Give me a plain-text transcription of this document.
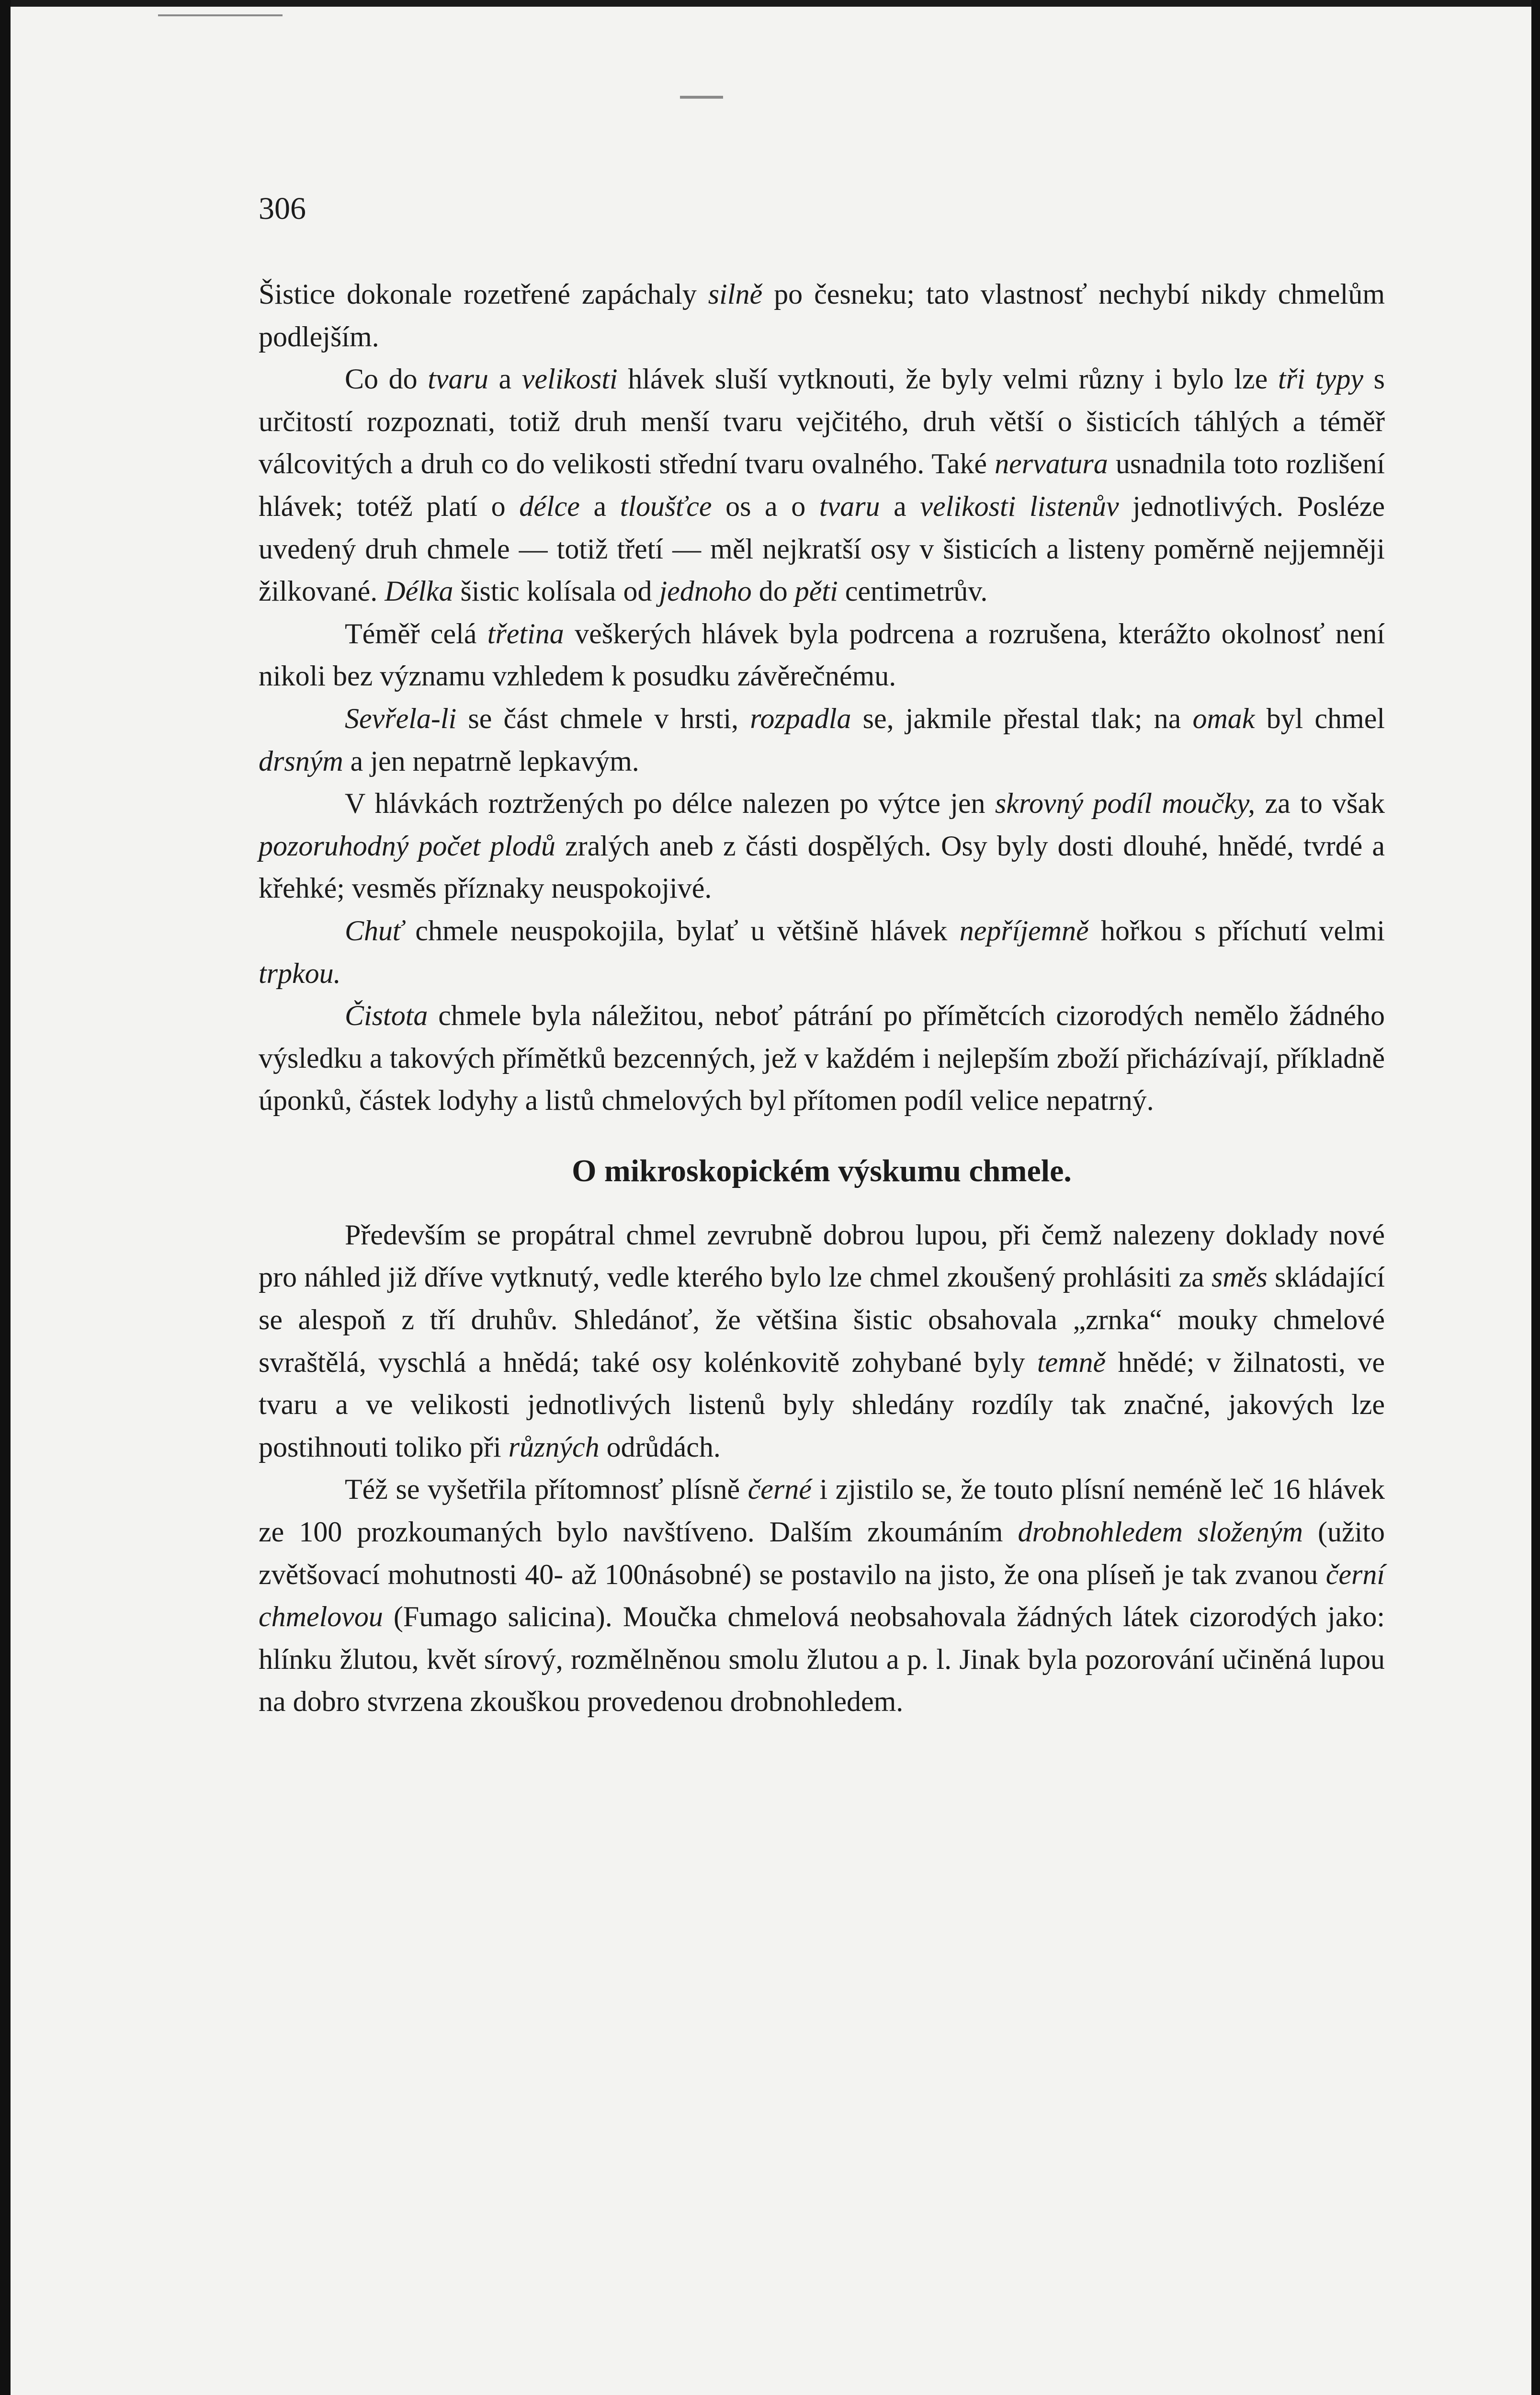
306

Šistice dokonale rozetřené zapáchaly silně po česneku; tato vlastnosť nechybí nikdy chmelům podlejším.

Co do tvaru a velikosti hlávek sluší vytknouti, že byly velmi různy i bylo lze tři typy s určitostí rozpoznati, totiž druh menší tvaru vejčitého, druh větší o šisticích táhlých a téměř válcovitých a druh co do velikosti střední tvaru ovalného. Také nervatura usnadnila toto rozlišení hlávek; totéž platí o délce a tloušťce os a o tvaru a velikosti listenův jednotlivých. Posléze uvedený druh chmele — totiž třetí — měl nejkratší osy v šisticích a listeny poměrně nejjemněji žilkované. Délka šistic kolísala od jednoho do pěti centimetrův.

Téměř celá třetina veškerých hlávek byla podrcena a rozrušena, kterážto okolnosť není nikoli bez významu vzhledem k posudku závěrečnému.

Sevřela-li se část chmele v hrsti, rozpadla se, jakmile přestal tlak; na omak byl chmel drsným a jen nepatrně lepkavým.

V hlávkách roztržených po délce nalezen po výtce jen skrovný podíl moučky, za to však pozoruhodný počet plodů zralých aneb z části dospělých. Osy byly dosti dlouhé, hnědé, tvrdé a křehké; vesměs příznaky neuspokojivé.

Chuť chmele neuspokojila, bylať u většině hlávek nepříjemně hořkou s příchutí velmi trpkou.

Čistota chmele byla náležitou, neboť pátrání po přímětcích cizorodých nemělo žádného výsledku a takových přímětků bezcenných, jež v každém i nejlepším zboží přicházívají, příkladně úponků, částek lodyhy a listů chmelových byl přítomen podíl velice nepatrný.

O mikroskopickém výskumu chmele.

Především se propátral chmel zevrubně dobrou lupou, při čemž nalezeny doklady nové pro náhled již dříve vytknutý, vedle kterého bylo lze chmel zkoušený prohlásiti za směs skládající se alespoň z tří druhův. Shledánoť, že většina šistic obsahovala „zrnka“ mouky chmelové svraštělá, vyschlá a hnědá; také osy kolénkovitě zohybané byly temně hnědé; v žilnatosti, ve tvaru a ve velikosti jednotlivých listenů byly shledány rozdíly tak značné, jakových lze postihnouti toliko při různých odrůdách.

Též se vyšetřila přítomnosť plísně černé i zjistilo se, že touto plísní neméně leč 16 hlávek ze 100 prozkoumaných bylo navštíveno. Dalším zkoumáním drobnohledem složeným (užito zvětšovací mohutnosti 40- až 100násobné) se postavilo na jisto, že ona plíseň je tak zvanou černí chmelovou (Fumago salicina). Moučka chmelová neobsahovala žádných látek cizorodých jako: hlínku žlutou, květ sírový, rozmělněnou smolu žlutou a p. l. Jinak byla pozorování učiněná lupou na dobro stvrzena zkouškou provedenou drobnohledem.
